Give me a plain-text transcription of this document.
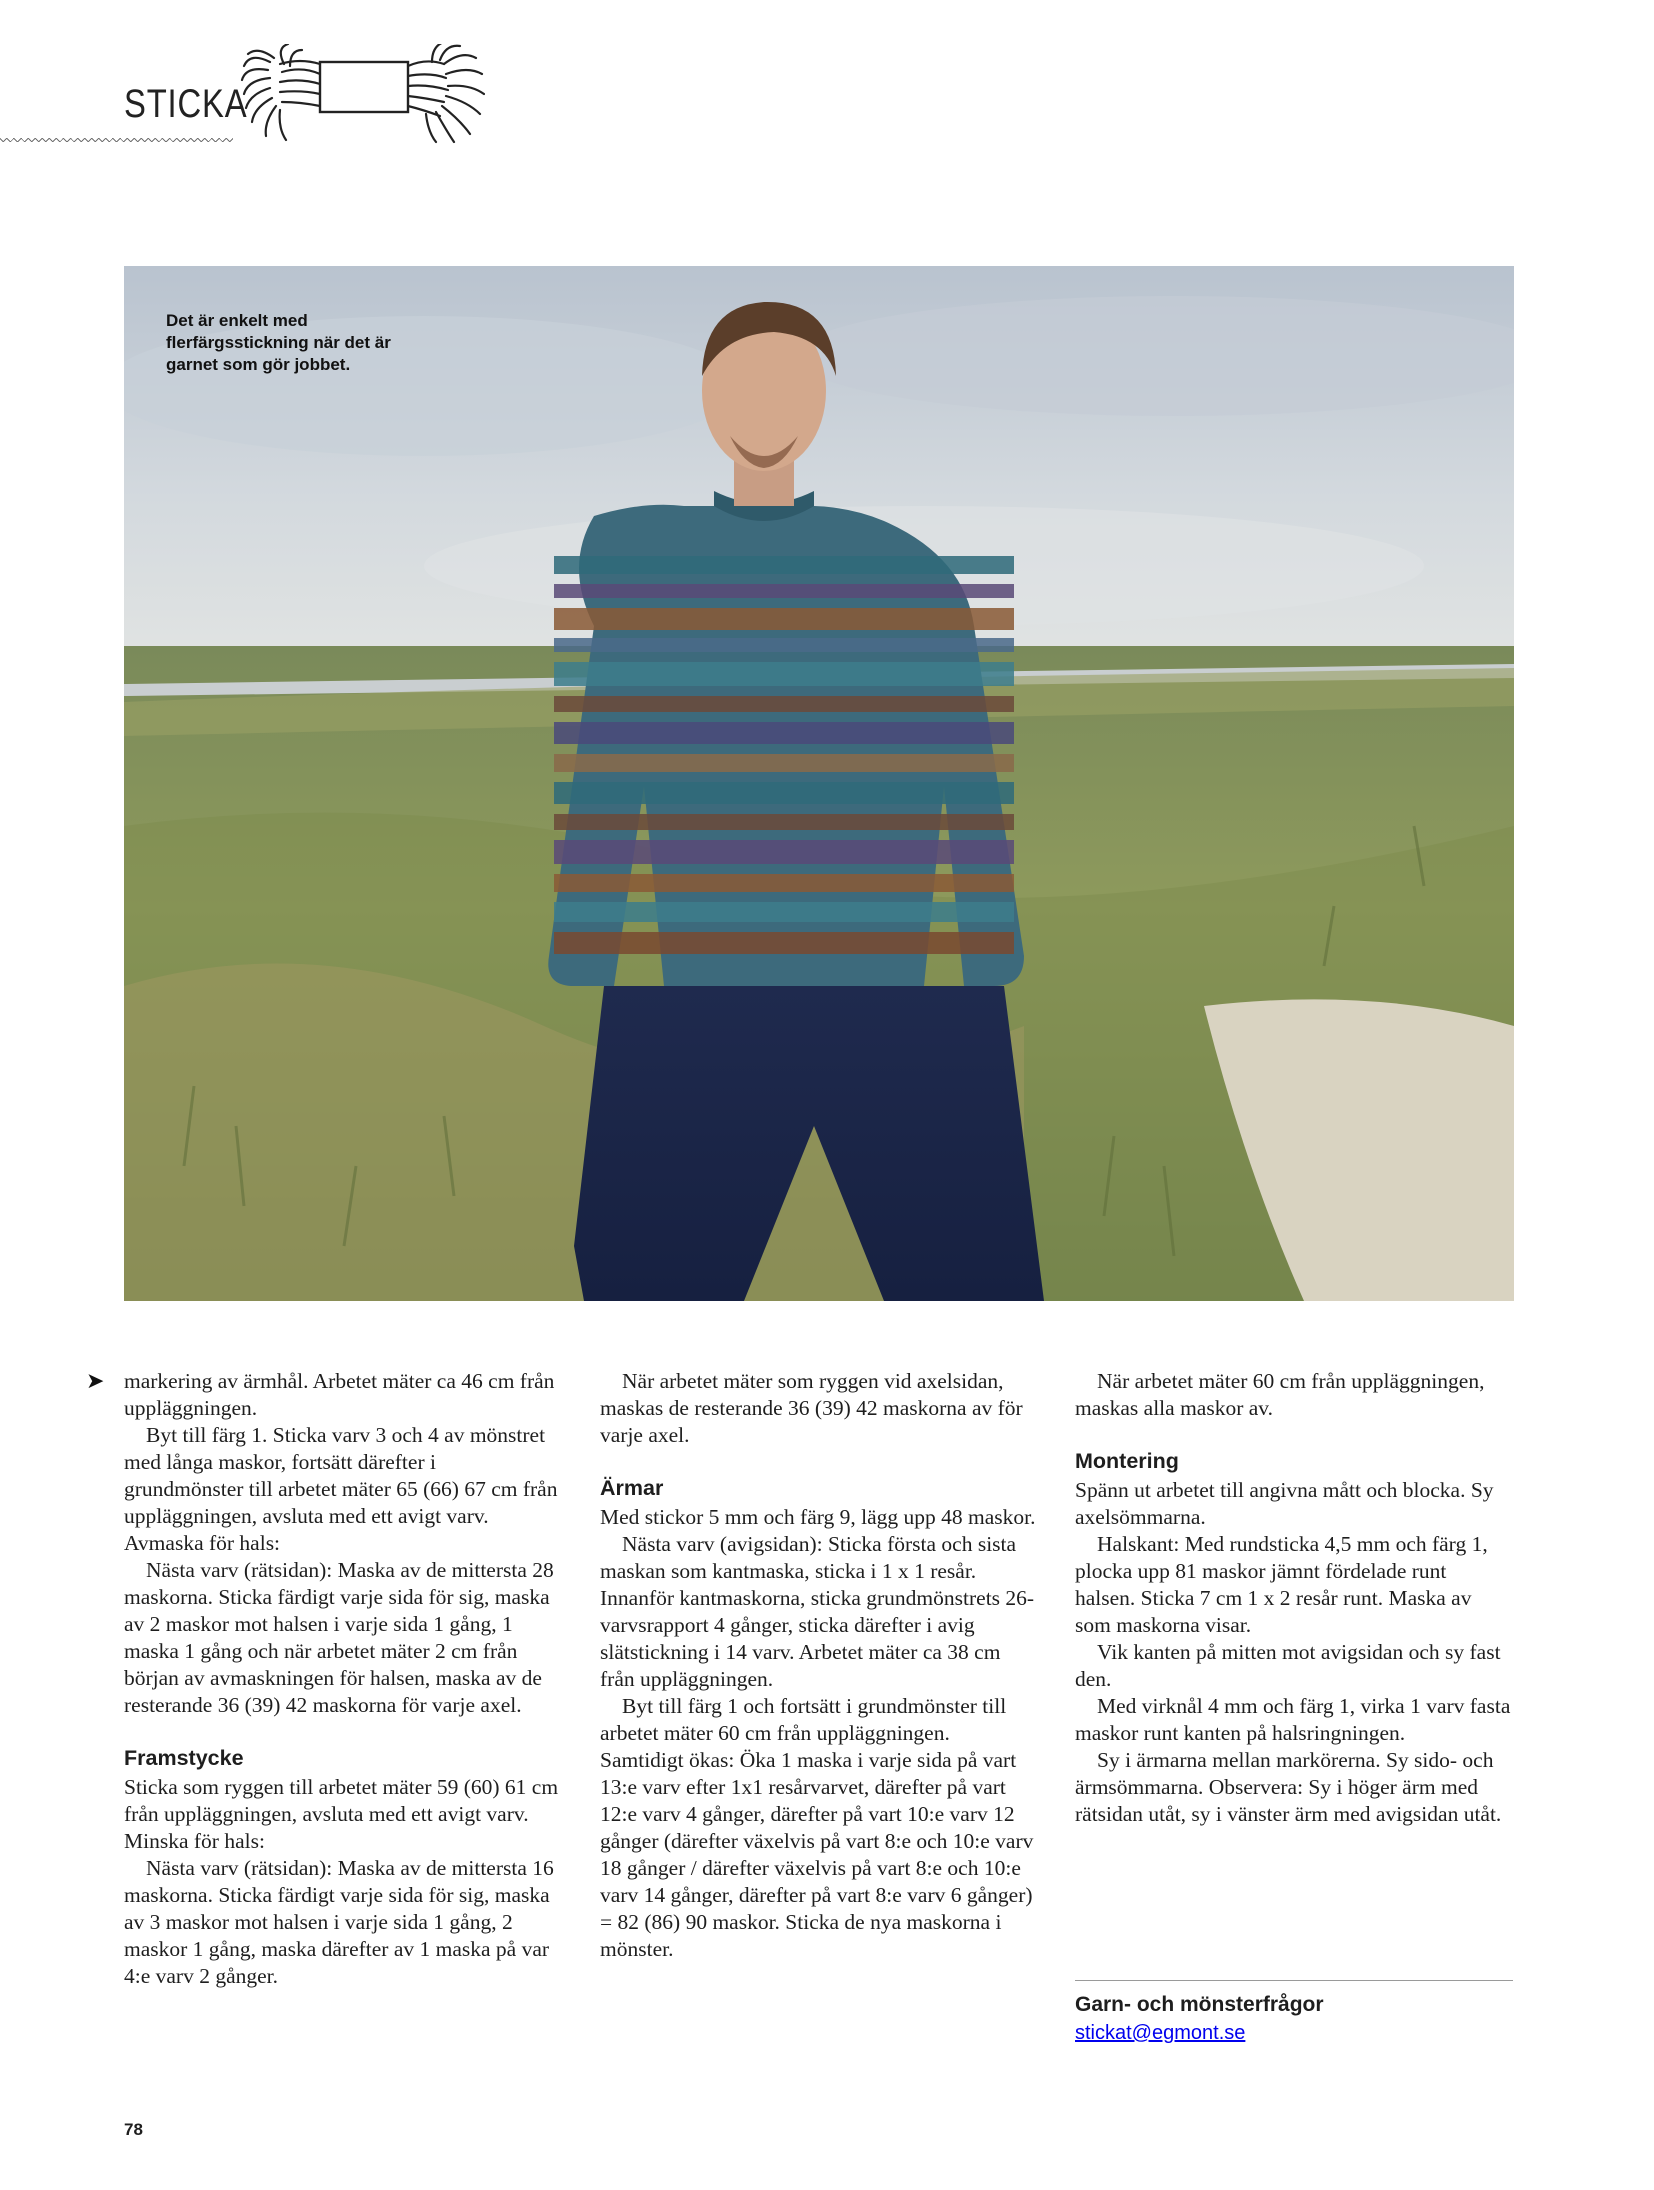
STICKA
Det är enkelt med flerfärgsstickning när det är garnet som gör jobbet.
➤ markering av ärmhål. Arbetet mäter ca 46 cm från uppläggningen.

Byt till färg 1. Sticka varv 3 och 4 av mönstret med långa maskor, fortsätt därefter i grundmönster till arbetet mäter 65 (66) 67 cm från uppläggningen, avsluta med ett avigt varv. Avmaska för hals:

Nästa varv (rätsidan): Maska av de mittersta 28 maskorna. Sticka färdigt varje sida för sig, maska av 2 maskor mot halsen i varje sida 1 gång, 1 maska 1 gång och när arbetet mäter 2 cm från början av avmaskningen för halsen, maska av de resterande 36 (39) 42 maskorna för varje axel.

Framstycke

Sticka som ryggen till arbetet mäter 59 (60) 61 cm från uppläggningen, avsluta med ett avigt varv. Minska för hals:

Nästa varv (rätsidan): Maska av de mittersta 16 maskorna. Sticka färdigt varje sida för sig, maska av 3 maskor mot halsen i varje sida 1 gång, 2 maskor 1 gång, maska därefter av 1 maska på var 4:e varv 2 gånger.

När arbetet mäter som ryggen vid axelsidan, maskas de resterande 36 (39) 42 maskorna av för varje axel.

Ärmar

Med stickor 5 mm och färg 9, lägg upp 48 maskor.

Nästa varv (avigsidan): Sticka första och sista maskan som kantmaska, sticka i 1 x 1 resår. Innanför kantmaskorna, sticka grundmönstrets 26-varvsrapport 4 gånger, sticka därefter i avig slätstickning i 14 varv. Arbetet mäter ca 38 cm från uppläggningen.

Byt till färg 1 och fortsätt i grundmönster till arbetet mäter 60 cm från uppläggningen. Samtidigt ökas: Öka 1 maska i varje sida på vart 13:e varv efter 1x1 resårvarvet, därefter på vart 12:e varv 4 gånger, därefter på vart 10:e varv 12 gånger (därefter växelvis på vart 8:e och 10:e varv 18 gånger / därefter växelvis på vart 8:e och 10:e varv 14 gånger, därefter på vart 8:e varv 6 gånger) = 82 (86) 90 maskor. Sticka de nya maskorna i mönster.

När arbetet mäter 60 cm från uppläggningen, maskas alla maskor av.

Montering

Spänn ut arbetet till angivna mått och blocka. Sy axelsömmarna.

Halskant: Med rundsticka 4,5 mm och färg 1, plocka upp 81 maskor jämnt fördelade runt halsen. Sticka 7 cm 1 x 2 resår runt. Maska av som maskorna visar.

Vik kanten på mitten mot avigsidan och sy fast den.

Med virknål 4 mm och färg 1, virka 1 varv fasta maskor runt kanten på halsringningen.

Sy i ärmarna mellan markörerna. Sy sido- och ärmsömmarna. Observera: Sy i höger ärm med rätsidan utåt, sy i vänster ärm med avigsidan utåt.

Garn- och mönsterfrågor
stickat@egmont.se
78
